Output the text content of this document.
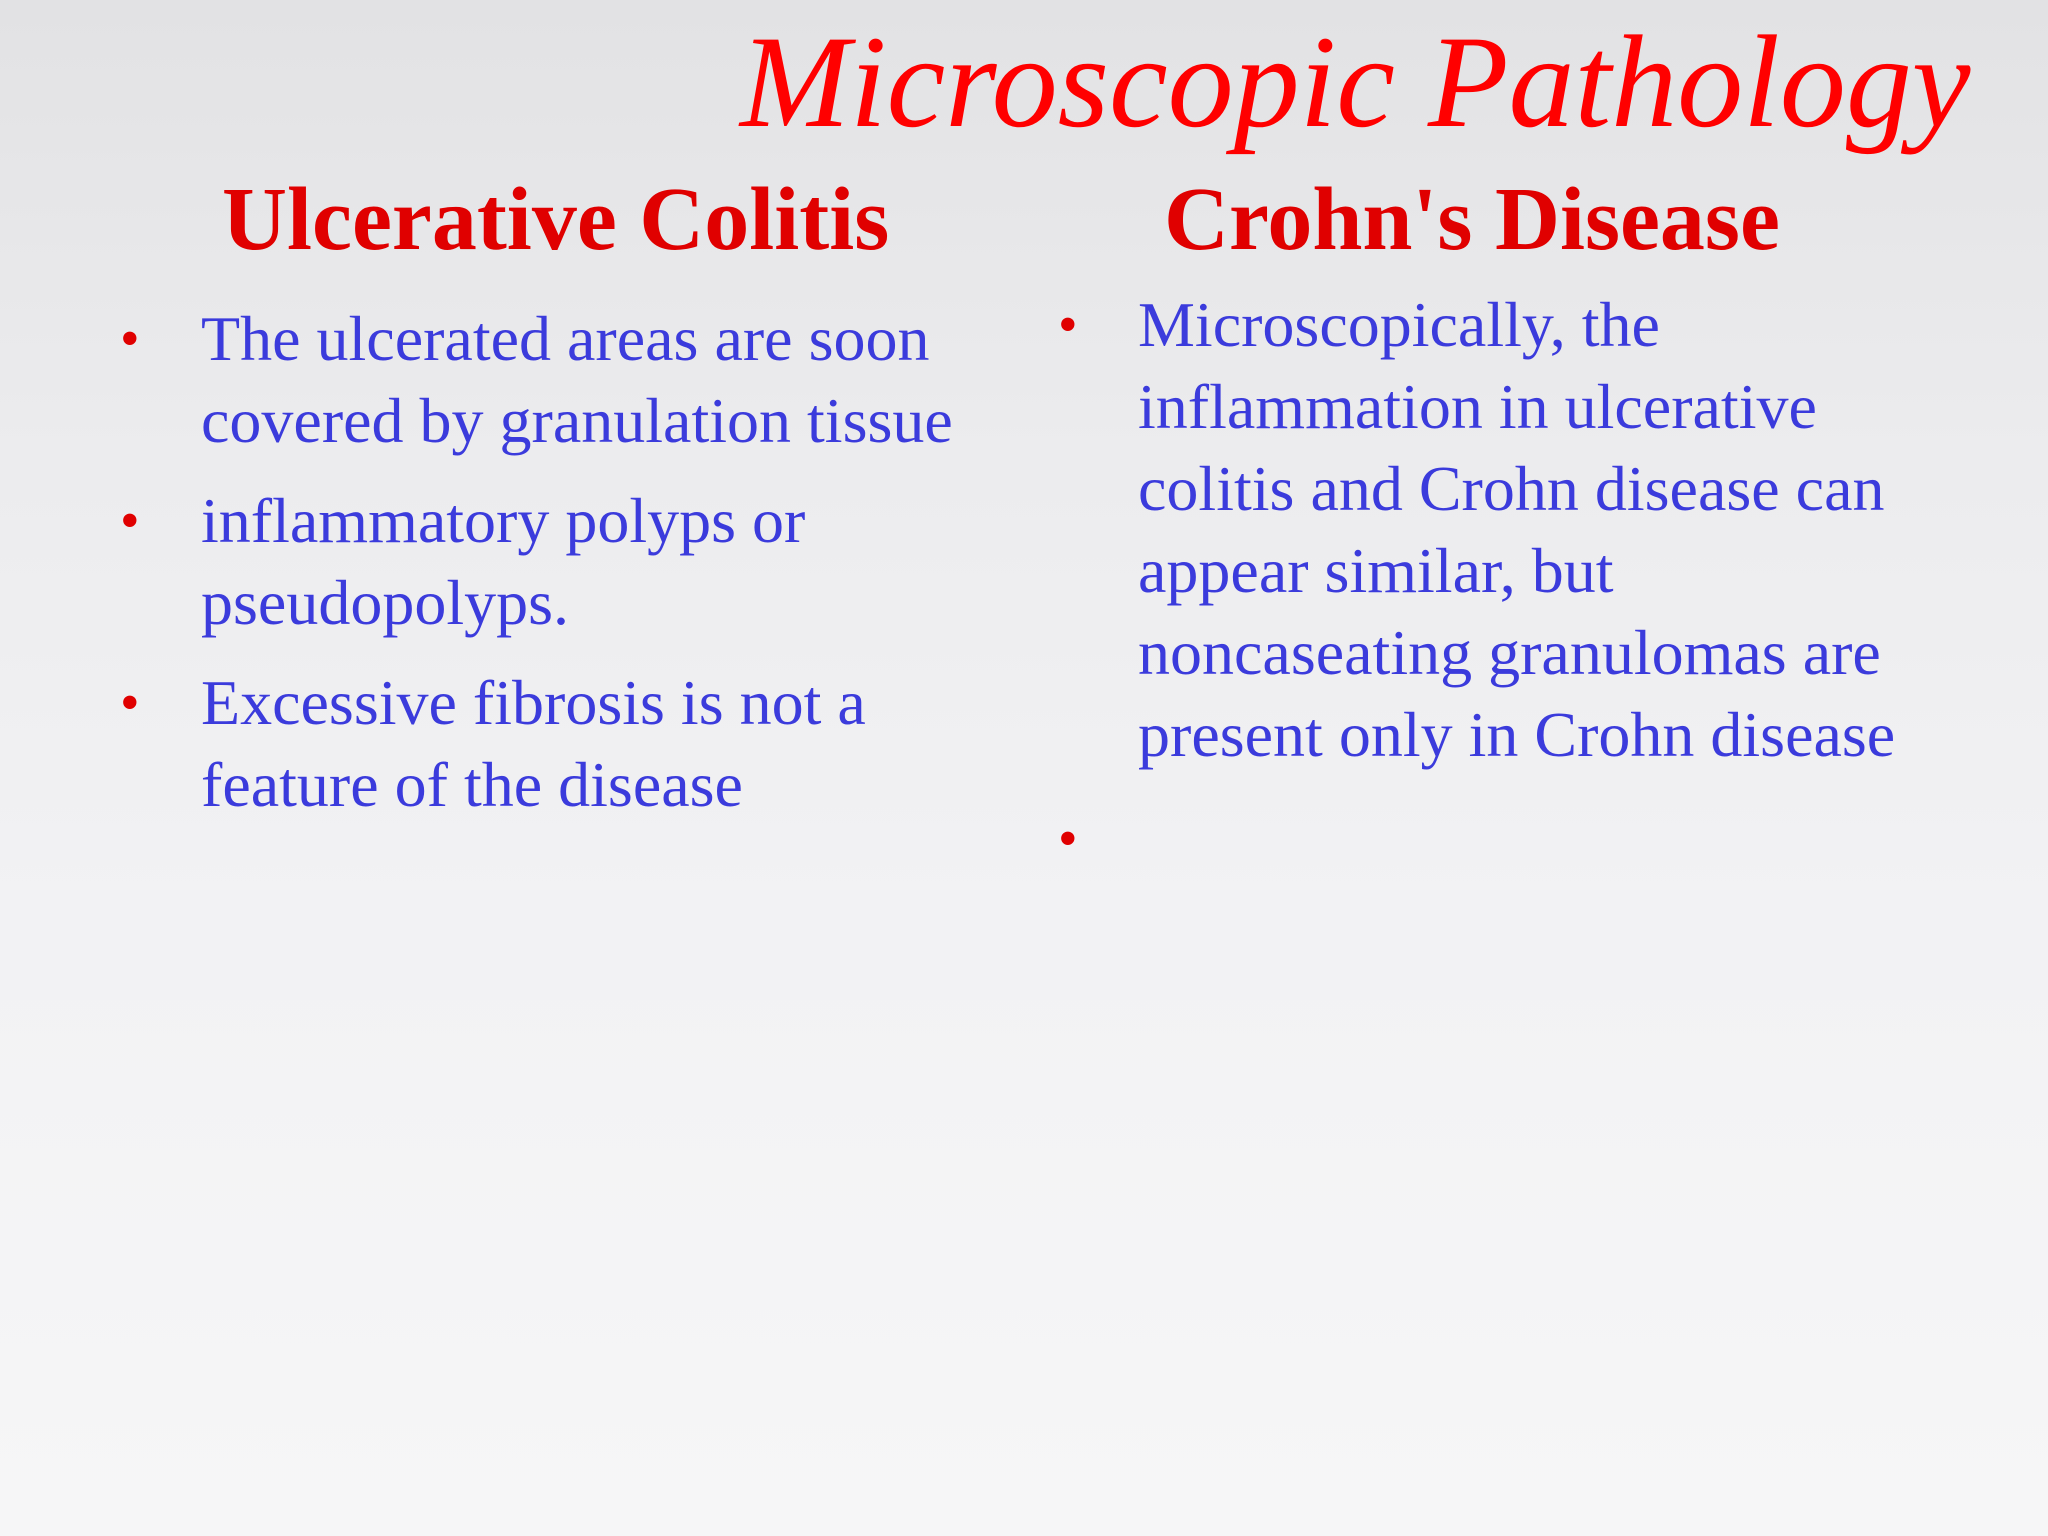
Microscopic Pathology
Ulcerative Colitis	Crohn's Disease
• The ulcerated areas are soon covered by granulation tissue
• inflammatory polyps or pseudopolyps.
• Excessive fibrosis is not a feature of the disease
• Microscopically, the inflammation in ulcerative colitis and Crohn disease can appear similar, but noncaseating granulomas are present only in Crohn disease
•
